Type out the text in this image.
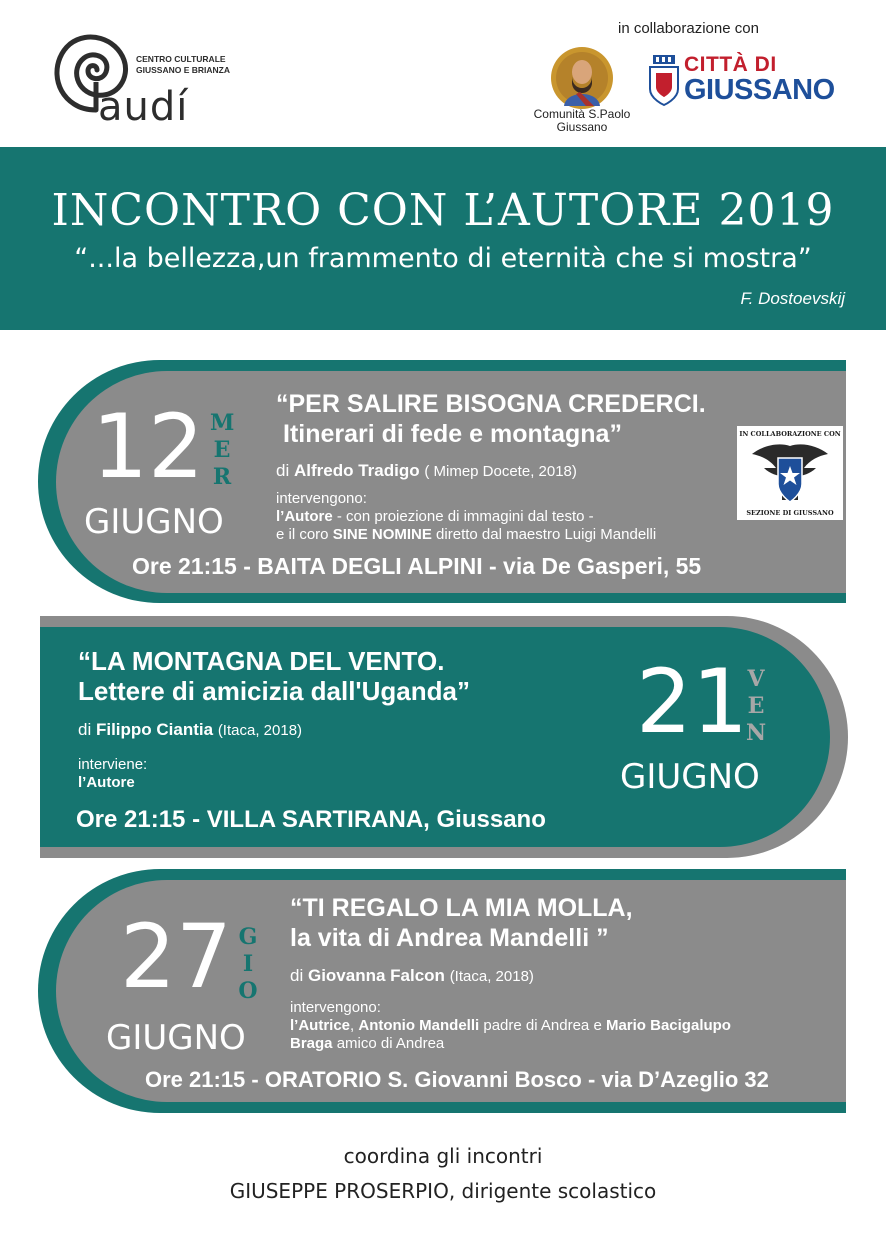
audí
CENTRO CULTURALE
GIUSSANO E BRIANZA
in collaborazione con
Comunità S.Paolo
Giussano
CITTÀ DI
GIUSSANO
INCONTRO CON L’AUTORE 2019
“...la bellezza,un frammento di eternità che si mostra”
F. Dostoevskij
12 M
E
R
GIUGNO
“PER SALIRE BISOGNA CREDERCI.
Itinerari di fede e montagna”
di Alfredo Tradigo ( Mimep Docete, 2018)
intervengono:
l’Autore - con proiezione di immagini dal testo -
e il coro SINE NOMINE diretto dal maestro Luigi Mandelli
Ore 21:15 - BAITA DEGLI ALPINI - via De Gasperi, 55
IN COLLABORAZIONE CON
SEZIONE DI GIUSSANO
“LA MONTAGNA DEL VENTO.
Lettere di amicizia dall'Uganda”
di Filippo Ciantia (Itaca, 2018)
interviene:
l’Autore
Ore 21:15 - VILLA SARTIRANA, Giussano
21 V
E
N
GIUGNO
27 G
I
O
GIUGNO
“TI REGALO LA MIA MOLLA,
la vita di Andrea Mandelli ”
di Giovanna Falcon (Itaca, 2018)
intervengono:
l’Autrice, Antonio Mandelli padre di Andrea e Mario Bacigalupo
Braga amico di Andrea
Ore 21:15 - ORATORIO S. Giovanni Bosco - via D’Azeglio 32
coordina gli incontri
GIUSEPPE PROSERPIO, dirigente scolastico
